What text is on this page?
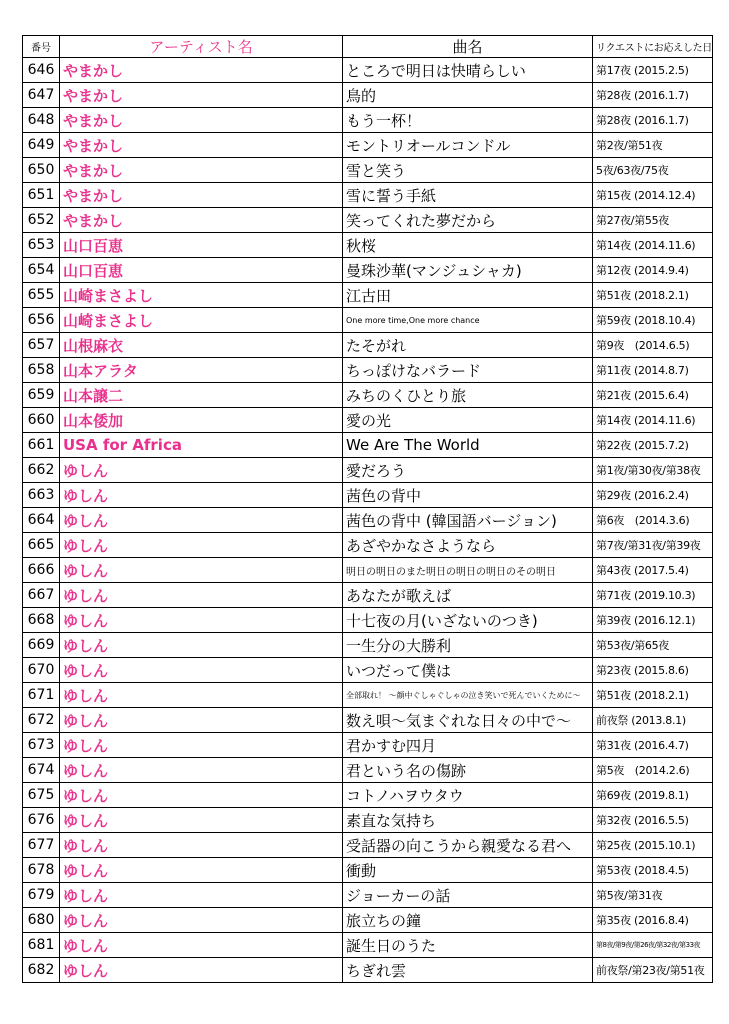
番号	アーティスト名	曲名	リクエストにお応えした日
646	やまかし	ところで明日は快晴らしい	第17夜 (2015.2.5)
647	やまかし	鳥的	第28夜 (2016.1.7)
648	やまかし	もう一杯！	第28夜 (2016.1.7)
649	やまかし	モントリオールコンドル	第2夜/第51夜
650	やまかし	雪と笑う	5夜/63夜/75夜
651	やまかし	雪に誓う手紙	第15夜 (2014.12.4)
652	やまかし	笑ってくれた夢だから	第27夜/第55夜
653	山口百恵	秋桜	第14夜 (2014.11.6)
654	山口百恵	曼珠沙華(マンジュシャカ)	第12夜 (2014.9.4)
655	山崎まさよし	江古田	第51夜 (2018.2.1)
656	山崎まさよし	One more time,One more chance	第59夜 (2018.10.4)
657	山根麻衣	たそがれ	第9夜　(2014.6.5)
658	山本アラタ	ちっぽけなバラード	第11夜 (2014.8.7)
659	山本譲二	みちのくひとり旅	第21夜 (2015.6.4)
660	山本倭加	愛の光	第14夜 (2014.11.6)
661	USA for Africa	We Are The World	第22夜 (2015.7.2)
662	ゆしん	愛だろう	第1夜/第30夜/第38夜
663	ゆしん	茜色の背中	第29夜 (2016.2.4)
664	ゆしん	茜色の背中 (韓国語バージョン)	第6夜　(2014.3.6)
665	ゆしん	あざやかなさようなら	第7夜/第31夜/第39夜
666	ゆしん	明日の明日のまた明日の明日の明日のその明日	第43夜 (2017.5.4)
667	ゆしん	あなたが歌えば	第71夜 (2019.10.3)
668	ゆしん	十七夜の月(いざないのつき)	第39夜 (2016.12.1)
669	ゆしん	一生分の大勝利	第53夜/第65夜
670	ゆしん	いつだって僕は	第23夜 (2015.8.6)
671	ゆしん	全部取れ！ ～顔中ぐしゃぐしゃの泣き笑いで死んでいくために～	第51夜 (2018.2.1)
672	ゆしん	数え唄～気まぐれな日々の中で～	前夜祭 (2013.8.1)
673	ゆしん	君かすむ四月	第31夜 (2016.4.7)
674	ゆしん	君という名の傷跡	第5夜　(2014.2.6)
675	ゆしん	コトノハヲウタウ	第69夜 (2019.8.1)
676	ゆしん	素直な気持ち	第32夜 (2016.5.5)
677	ゆしん	受話器の向こうから親愛なる君へ	第25夜 (2015.10.1)
678	ゆしん	衝動	第53夜 (2018.4.5)
679	ゆしん	ジョーカーの話	第5夜/第31夜
680	ゆしん	旅立ちの鐘	第35夜 (2016.8.4)
681	ゆしん	誕生日のうた	第8夜/第9夜/第26夜/第32夜/第33夜
682	ゆしん	ちぎれ雲	前夜祭/第23夜/第51夜
